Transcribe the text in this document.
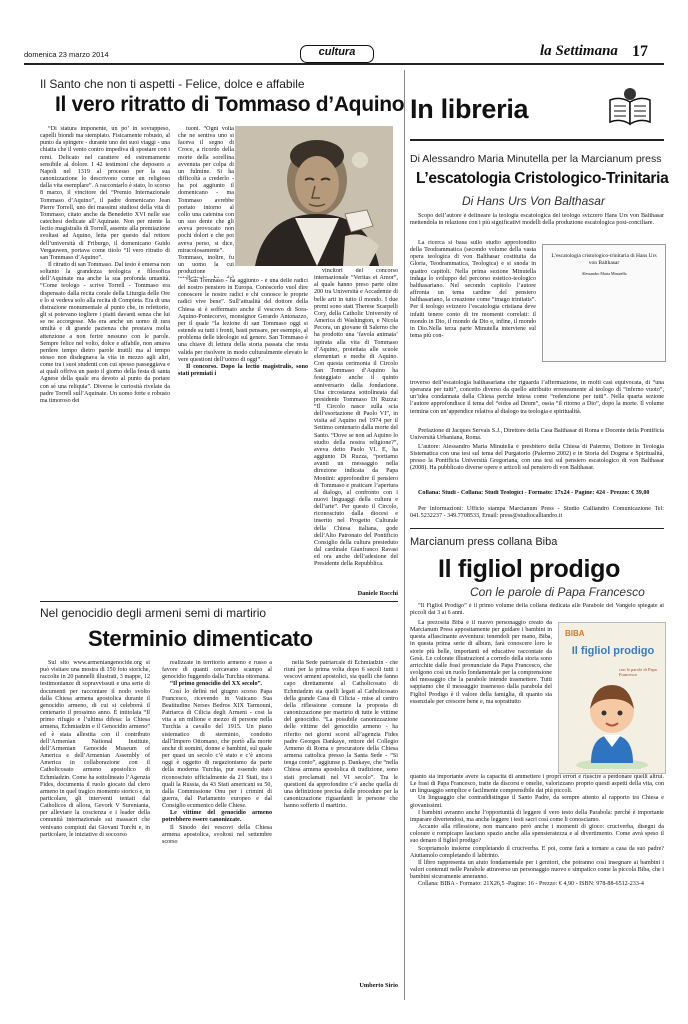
domenica 23 marzo 2014	cultura	la Settimana 17
Il Santo che non ti aspetti - Felice, dolce e affabile
Il vero ritratto di Tommaso d’Aquino

“Di statura imponente, un po’ in sovrappeso, capelli biondi ma stempiato. Fisicamente robusto, al punto da spingere - durante uno dei suoi viaggi - una chiatta che il vento contro impediva di spostare con i remi. Delicato nel carattere ed estremamente sensibile al dolore. I 42 testimoni che deposero a Napoli nel 1319 al processo per la sua canonizzazione lo descrivono come un religioso dalla vita esemplare”. A raccontarlo è stato, lo scorso 8 marzo, il vincitore del “Premio Internazionale Tommaso d’Aquino”, il padre domenicano Jean Pierre Torrell, uno dei massimi studiosi della vita di Tommaso, citato anche da Benedetto XVI nelle sue catechesi dedicate all’Aquinate. Non per niente la lectio magistralis di Torrell, assente alla premiazione svoltasi ad Aquino, letta per questo dal rettore dell’università di Friburgo, il domenicano Guido Vergauwen, portava come titolo “Il vero ritratto di san Tommaso d’Aquino”.

Il ritratto di san Tommaso. Dal testo è emersa non soltanto la grandezza teologica e filosofica dell’Aquinate ma anche la sua profonda umanità. “Come teologo - scrive Torrell - Tommaso era dispensato dalla recita corale della Liturgia delle Ore e lo si vedeva solo alla recita di Compieta. Era di una distrazione monumentale al punto che, in refettorio, gli si potevano togliere i piatti davanti senza che lui se ne accorgesse. Ma era anche un uomo di rara umiltà e di grande pazienza che prestava molta attenzione a non ferire nessuno con le parole. Sempre felice nel volto, dolce e affabile, non amava perdere tempo dietro parole inutili ma al tempo stesso non disdegnava la vita in mezzo agli altri, come tra i suoi studenti con cui spesso passeggiava e ai quali offriva un pasto il giorno della festa di santa Agnese della quale era devoto al punto da portare con sé una reliquia”. Diverse le curiosità rivelate da padre Torrell sull’Aquinate. Un uomo forte e robusto ma timoroso dei

tuoni. “Ogni volta che ne sentiva uno si faceva il segno di Croce, a ricordo della morte della sorellina avvenuta per colpa di un fulmine. Si ha difficoltà a crederlo - ha poi aggiunto il domenicano - ma Tommaso avrebbe portato intorno al collo una catenina con un suo dente che gli aveva provocato non pochi dolori e che poi aveva perso, si dice, miracolosamente”. Tommaso, inoltre, fu un uomo la cui produzione

“San Tommaso - ha aggiunto - è una delle radici del nostro pensiero in Europa. Conoscerlo vuol dire conoscere le nostre radici e chi conosce le proprie radici vive bene”. Sull’attualità del dottore della Chiesa si è soffermato anche il vescovo di Sora-Aquino-Pontecorvo, monsignor Gerardo Antonazzo, per il quale “la lezione di san Tommaso oggi si estende su tutti i fronti, basti pensare, per esempio, al problema delle ideologie sul genere. San Tommaso è una chiave di lettura della storia passata che resta valida per risolvere in modo culturalmente elevato le vere questioni dell’uomo di oggi”.

Il concorso. Dopo la lectio magistralis, sono stati premiati i

vincitori del concorso internazionale “Veritas et Amor”, al quale hanno preso parte oltre 200 tra Università e Accademie di belle arti in tutto il mondo. I due premi sono stati Therese Scarpelli Cory, della Catholic University of America di Washington, e Nicola Pecora, un giovane di Salerno che ha prodotto una ‘favola animata’ ispirata alla vita di Tommaso d’Aquino, proiettata alle scuole elementari e medie di Aquino. Con questa cerimonia il Circolo San Tommaso d’Aquino ha festeggiato anche il quinto anniversario dalla fondazione. Una circostanza sottolineata dal presidente Tommaso Di Ruzza: “Il Circolo nasce sulla scia dell’esortazione di Paolo VI”, in visita ad Aquino nel 1974 per il Settimo centenario dalla morte del Santo. “Dove se non ad Aquino lo studio della nostra religione?”, aveva detto Paolo VI. E, ha aggiunto Di Ruzza, “portiamo avanti un messaggio nella direzione indicata da Papa Montini: approfondire il pensiero di Tommaso e praticare l’apertura al dialogo, al confronto con i nuovi linguaggi della cultura e dell’arte”. Per questo il Circolo, riconosciuto dalla diocesi e inserito nel Progetto Culturale della Chiesa italiana, gode dell’Alto Patronato del Pontificio Consiglio della cultura presieduto dal cardinale Gianfranco Ravasi ed ora anche dell’adesione del Presidente della Repubblica.

Daniele Rocchi
Nel genocidio degli armeni semi di martirio
Sterminio dimenticato

Sul sito www.armeniangenocide.org si può visitare una mostra di 150 foto storiche, raccolte in 20 pannelli illustrati, 3 mappe, 12 testimonianze di sopravvissuti e una serie di documenti per raccontare il nodo svolto dalla Chiesa armena apostolica durante il genocidio armeno, di cui si celebrerà il centenario il prossimo anno. È intitolata “Il primo rifugio e l’ultima difesa: la Chiesa armena, Echmiadzin e il Genocidio armeno” ed è stata allestita con il contributo dell’Armenian National Institute, dell’Armenian Genocide Museum of America e dell’Armenian Assembly of America in collaborazione con il Catholicosato armeno apostolico di Echmiadzin. Come ha sottolineato l’Agenzia Fides, documenta il ruolo giocato dal clero armeno in quel tragico momento storico e, in particolare, gli interventi tentati dal Catholicos di allora, Gevork V Surenianta, per alleviare la coscienza e i leader della comunità internazionale sui massacri che venivano compiuti dai Giovani Turchi e, in particolare, le iniziative di soccorso

realizzate in territorio armeno e russo a favore di quanti cercavano scampo al genocidio fuggendo dalla Turchia ottomana.

“Il primo genocidio del XX secolo”.

Così lo definì nel giugno scorso Papa Francesco, ricevendo in Vaticano Sua Beatitudine Nerses Bedros XIX Tarmouni, Patriarca di Cilicia degli Armeni - cosi la vita a un milione e mezzo di persone nella Turchia a cavallo del 1915. Un piano sistematico di sterminio, condotto dall’Impero Ottomano, che portò alla morte anche di uomini, donne e bambini, sul quale per quasi un secolo c’è stato e c’è ancora oggi è oggetto di negazionismo da parte della moderna Turchia, pur essendo stato riconosciuto ufficialmente da 21 Stati, tra i quali la Russia, da 43 Stati americani su 50, dalla Commissione Onu per i crimini di guerra, dal Parlamento europeo e dal Consiglio ecumenico delle Chiese.

Le vittime del genocidio armeno potrebbero essere canonizzate.

Il Sinodo dei vescovi della Chiesa armena apostolica, svoltosi nel settembre scorso

nella Sede patriarcale di Echmiadzin - che riunì per la prima volta dopo 6 secoli tutti i vescovi armeni apostolici, sia quelli che fanno capo direttamente al Catholicosato di Echmiadzin sia quelli legati al Catholicosato della grande Casa di Cilicia - mise al centro della riflessione comune la proposta di canonizzazione per martirio di tutte le vittime del genocidio. “La possibile canonizzazione delle vittime del genocidio armeno - ha riferito nei giorni scorsi all’agenzia Fides padre Georges Dankaye, rettore del Collegio Armeno di Roma e procuratore della Chiesa armena cattolica presso la Santa Sede - “Si tenga conto”, aggiunse p. Dankaye, che “nella Chiesa armena apostolica di tradizione, sono stati proclamati nel VI secolo”. Tra le questioni da approfondire c’è anche quella di una definizione precisa delle procedure per la canonizzazione riguardanti le persone che hanno sofferto il martirio.

Umberto Sirio
In libreria
Di Alessandro Maria Minutella per la Marcianum press
L’escatologia Cristologico-Trinitaria
Di Hans Urs Von Balthasar

Scopo dell’autore è delineare la teologia escatologica del teologo svizzero Hans Urs von Balthasar mettendola in relazione con i più significativi modelli della produzione escatologica post-conciliare.

La ricerca si basa sullo studio approfondito della Teodrammatica (secondo volume della vasta opera teologica di von Balthasar costituita da Gloria, Teodrammatica, Teologica) e si snoda in quattro capitoli. Nella prima sezione Minutella indaga lo sviluppo del percorso estetico-teologico balthasariano. Nel secondo capitolo l’autore affronta un tema cardine del pensiero balthasariano, la creazione come “imago trinitatis”. Per il teologo svizzero l’escatologia cristiana deve infatti tenere conto di tre momenti correlati: il mondo in Dio, il mondo da Dio e, infine, il mondo in Dio.Nella terza parte Minutella interviene sul tema più con-

L’escatologia cristologico-trinitaria di Hans Urs von Balthasar
Alessandro Maria Minutella

troverso dell’escatologia balthasariana che riguarda l’affermazione, in molti casi equivocata, di “una speranza per tutti”, concetto diverso da quello attribuito erroneamente al teologo di “inferno vuoto”, un’idea condannata dalla Chiesa perché intesa come “redenzione per tutti”. Nella quarta sezione l’autore approfondisce il tema del “eidos ad Deum”, ossia “il ritorno a Dio”, dopo la morte. Il volume termina con un’appendice relativa al dialogo tra teologia e spiritualità.

Prefazione di Jacques Servais S.J., Direttore della Casa Balthasar di Roma e Docente della Pontificia Università Urbaniana, Roma.

L’autore: Alessandro Maria Minutella è presbitero della Chiesa di Palermo, Dottore in Teologia Sistematica con una tesi sul tema del Purgatorio (Palermo 2002) e in Storia del Dogma e Spiritualità, presso la Pontificia Università Gregoriana, con una tesi sul pensiero escatologico di von Balthasar (2008). Ha pubblicato diverse opere e articoli sul pensiero di von Balthasar.

Collana: Studi - Collana: Studi Teologici - Formato: 17x24 - Pagine: 424 - Prezzo: € 39,00

Per informazioni: Ufficio stampa Marcianum Press - Studio Calliandro Comunicazione Tel: 041.5232237 - 349.7708533, Email: press@studiocalliandro.it

Marcianum press collana Biba
Il figliol prodigo
Con le parole di Papa Francesco

“Il Figliol Prodigo” è il primo volume della collana dedicata alle Parabole del Vangelo spiegate ai piccoli dai 3 ai 6 anni.

La prezosità Biba è il nuovo personaggio creato da Marcianum Press appositamente per guidare i bambini in questa affascinante avventura: tenendoli per mano, Biba, in questa prima serie di album, farà conoscere loro le storie più belle, importanti ed educative raccontate da Gesù. Le colorate illustrazioni a corredo della storia sono arricchite dalle frasi pronunciate da Papa Francesco, che svolgono così un ruolo fondamentale per la comprensione del messaggio che la parabole intende trasmettere. Tutti sappiamo che il messaggio trasmesso dalla parabola del Figliol Prodigo è il valore della famiglia, di quanto sia essenziale per crescere bene e, ma soprattutto

BIBA
Il figliol prodigo
con le parole di Papa Francesco

quanto sia importante avere la capacità di ammettere i propri errori e riuscire a perdonare quelli altrui. Le frasi di Papa Francesco, tratte da discorsi e omelie, valorizzano proprio questi aspetti della vita, con un linguaggio semplice e facilmente comprensibile dai più piccoli.

Un linguaggio che contraddistingue il Santo Padre, da sempre attento al rapporto tra Chiesa e giovanissimi.

I bambini avranno anche l’opportunità di leggere il vero testo della Parabola: perché è importante imparare divertendosi, ma anche leggere i testi sacri così come li conosciamo.

Accanto alla riflessione, non mancano però anche i momenti di gioco: cruciverba, disegni da colorare e rompicapo lasciano spazio anche alla spensieratezza e al divertimento. Come avrà speso il suo denaro il figliol prodigo?

Scopriamolo insieme completando il cruciverba. E poi, come farà a tornare a casa da suo padre? Aiutiamolo completando il labirinto.

Il libro rappresenta un aiuto fondamentale per i genitori, che potranno così insegnare ai bambini i valori contenuti nelle Parabole attraverso un personaggio nuovo e simpatico come la piccola Biba, che i bambini sicuramente ameranno.

Collana: BIBA - Formato: 21X26,5 -Pagine: 16 - Prezzo: € 4,90 - ISBN: 978-88-6512-233-4
